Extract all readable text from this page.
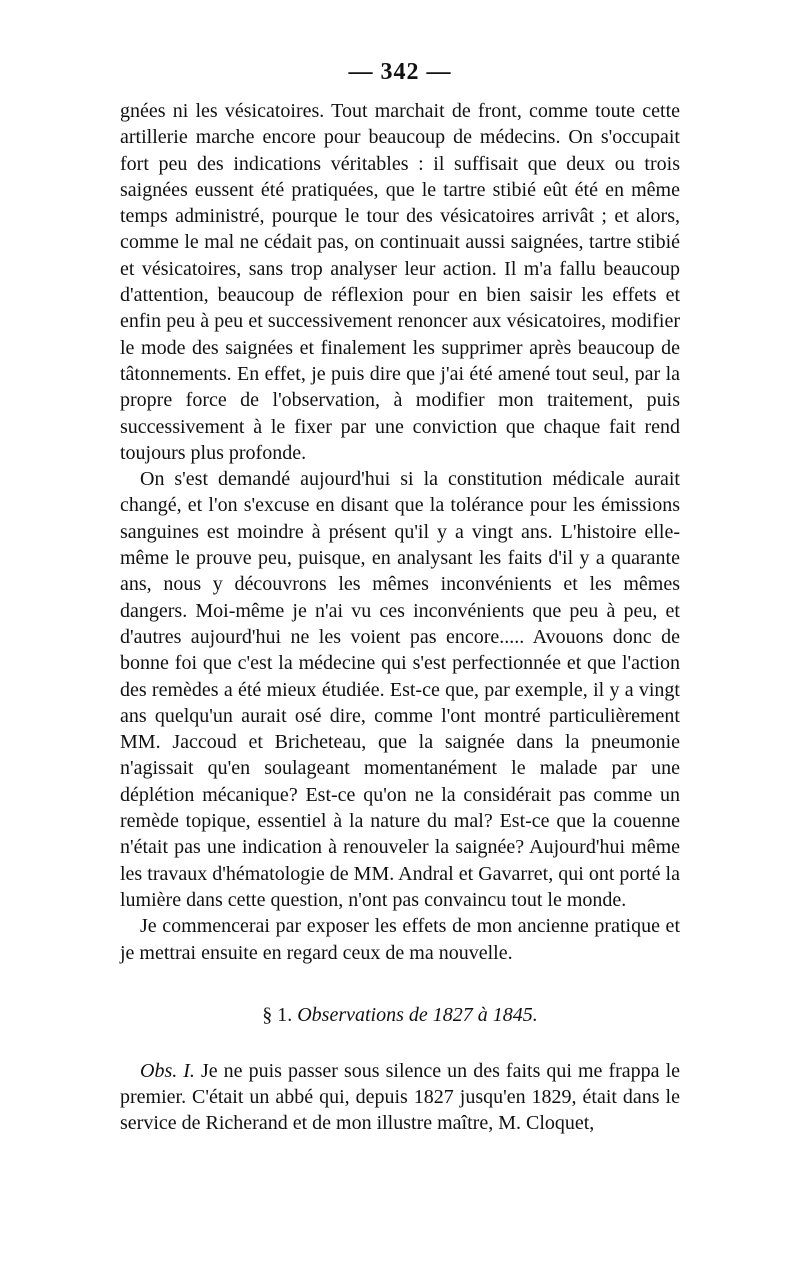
— 342 —

gnées ni les vésicatoires. Tout marchait de front, comme toute cette artillerie marche encore pour beaucoup de médecins. On s'occupait fort peu des indications véritables : il suffisait que deux ou trois saignées eussent été pratiquées, que le tartre stibié eût été en même temps administré, pourque le tour des vésicatoires arrivât ; et alors, comme le mal ne cédait pas, on continuait aussi saignées, tartre stibié et vésicatoires, sans trop analyser leur action. Il m'a fallu beaucoup d'attention, beaucoup de réflexion pour en bien saisir les effets et enfin peu à peu et successivement renoncer aux vésicatoires, modifier le mode des saignées et finalement les supprimer après beaucoup de tâtonnements. En effet, je puis dire que j'ai été amené tout seul, par la propre force de l'observation, à modifier mon traitement, puis successivement à le fixer par une conviction que chaque fait rend toujours plus profonde.

On s'est demandé aujourd'hui si la constitution médicale aurait changé, et l'on s'excuse en disant que la tolérance pour les émissions sanguines est moindre à présent qu'il y a vingt ans. L'histoire elle-même le prouve peu, puisque, en analysant les faits d'il y a quarante ans, nous y découvrons les mêmes inconvénients et les mêmes dangers. Moi-même je n'ai vu ces inconvénients que peu à peu, et d'autres aujourd'hui ne les voient pas encore..... Avouons donc de bonne foi que c'est la médecine qui s'est perfectionnée et que l'action des remèdes a été mieux étudiée. Est-ce que, par exemple, il y a vingt ans quelqu'un aurait osé dire, comme l'ont montré particulièrement MM. Jaccoud et Bricheteau, que la saignée dans la pneumonie n'agissait qu'en soulageant momentanément le malade par une déplétion mécanique? Est-ce qu'on ne la considérait pas comme un remède topique, essentiel à la nature du mal? Est-ce que la couenne n'était pas une indication à renouveler la saignée? Aujourd'hui même les travaux d'hématologie de MM. Andral et Gavarret, qui ont porté la lumière dans cette question, n'ont pas convaincu tout le monde.

Je commencerai par exposer les effets de mon ancienne pratique et je mettrai ensuite en regard ceux de ma nouvelle.

§ 1. Observations de 1827 à 1845.

Obs. I. Je ne puis passer sous silence un des faits qui me frappa le premier. C'était un abbé qui, depuis 1827 jusqu'en 1829, était dans le service de Richerand et de mon illustre maître, M. Cloquet,
